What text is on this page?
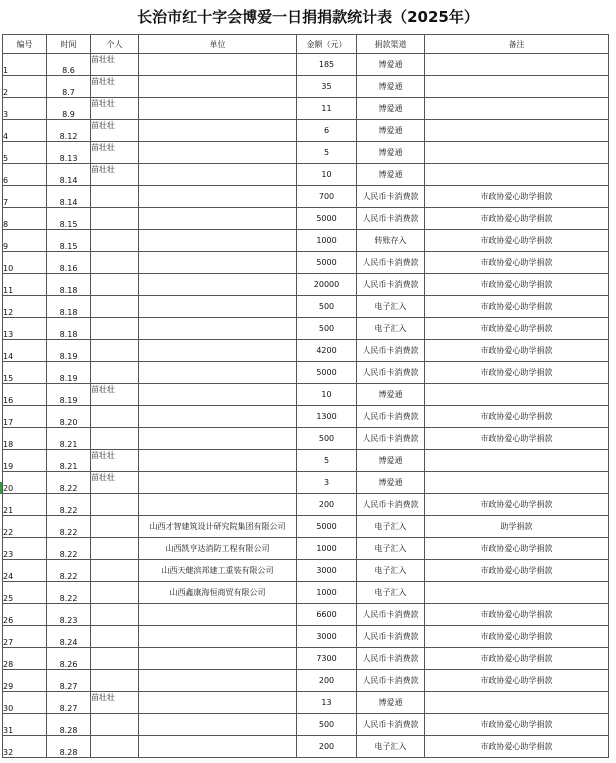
长治市红十字会博爱一日捐捐款统计表（2025年）
编号	时间	个人	单位	金额（元）	捐款渠道	备注
1	8.6	苗壮壮		185	博爱通	
2	8.7	苗壮壮		35	博爱通	
3	8.9	苗壮壮		11	博爱通	
4	8.12	苗壮壮		6	博爱通	
5	8.13	苗壮壮		5	博爱通	
6	8.14	苗壮壮		10	博爱通	
7	8.14			700	人民币卡消费款	市政协爱心助学捐款
8	8.15			5000	人民币卡消费款	市政协爱心助学捐款
9	8.15			1000	转账存入	市政协爱心助学捐款
10	8.16			5000	人民币卡消费款	市政协爱心助学捐款
11	8.18			20000	人民币卡消费款	市政协爱心助学捐款
12	8.18			500	电子汇入	市政协爱心助学捐款
13	8.18			500	电子汇入	市政协爱心助学捐款
14	8.19			4200	人民币卡消费款	市政协爱心助学捐款
15	8.19			5000	人民币卡消费款	市政协爱心助学捐款
16	8.19	苗壮壮		10	博爱通	
17	8.20			1300	人民币卡消费款	市政协爱心助学捐款
18	8.21			500	人民币卡消费款	市政协爱心助学捐款
19	8.21	苗壮壮		5	博爱通	
20	8.22	苗壮壮		3	博爱通	
21	8.22			200	人民币卡消费款	市政协爱心助学捐款
22	8.22		山西才智建筑设计研究院集团有限公司	5000	电子汇入	助学捐款
23	8.22		山西凯亨达消防工程有限公司	1000	电子汇入	市政协爱心助学捐款
24	8.22		山西天健滨邦建工重装有限公司	3000	电子汇入	市政协爱心助学捐款
25	8.22		山西鑫康海恒商贸有限公司	1000	电子汇入	
26	8.23			6600	人民币卡消费款	市政协爱心助学捐款
27	8.24			3000	人民币卡消费款	市政协爱心助学捐款
28	8.26			7300	人民币卡消费款	市政协爱心助学捐款
29	8.27			200	人民币卡消费款	市政协爱心助学捐款
30	8.27	苗壮壮		13	博爱通	
31	8.28			500	人民币卡消费款	市政协爱心助学捐款
32	8.28			200	电子汇入	市政协爱心助学捐款
